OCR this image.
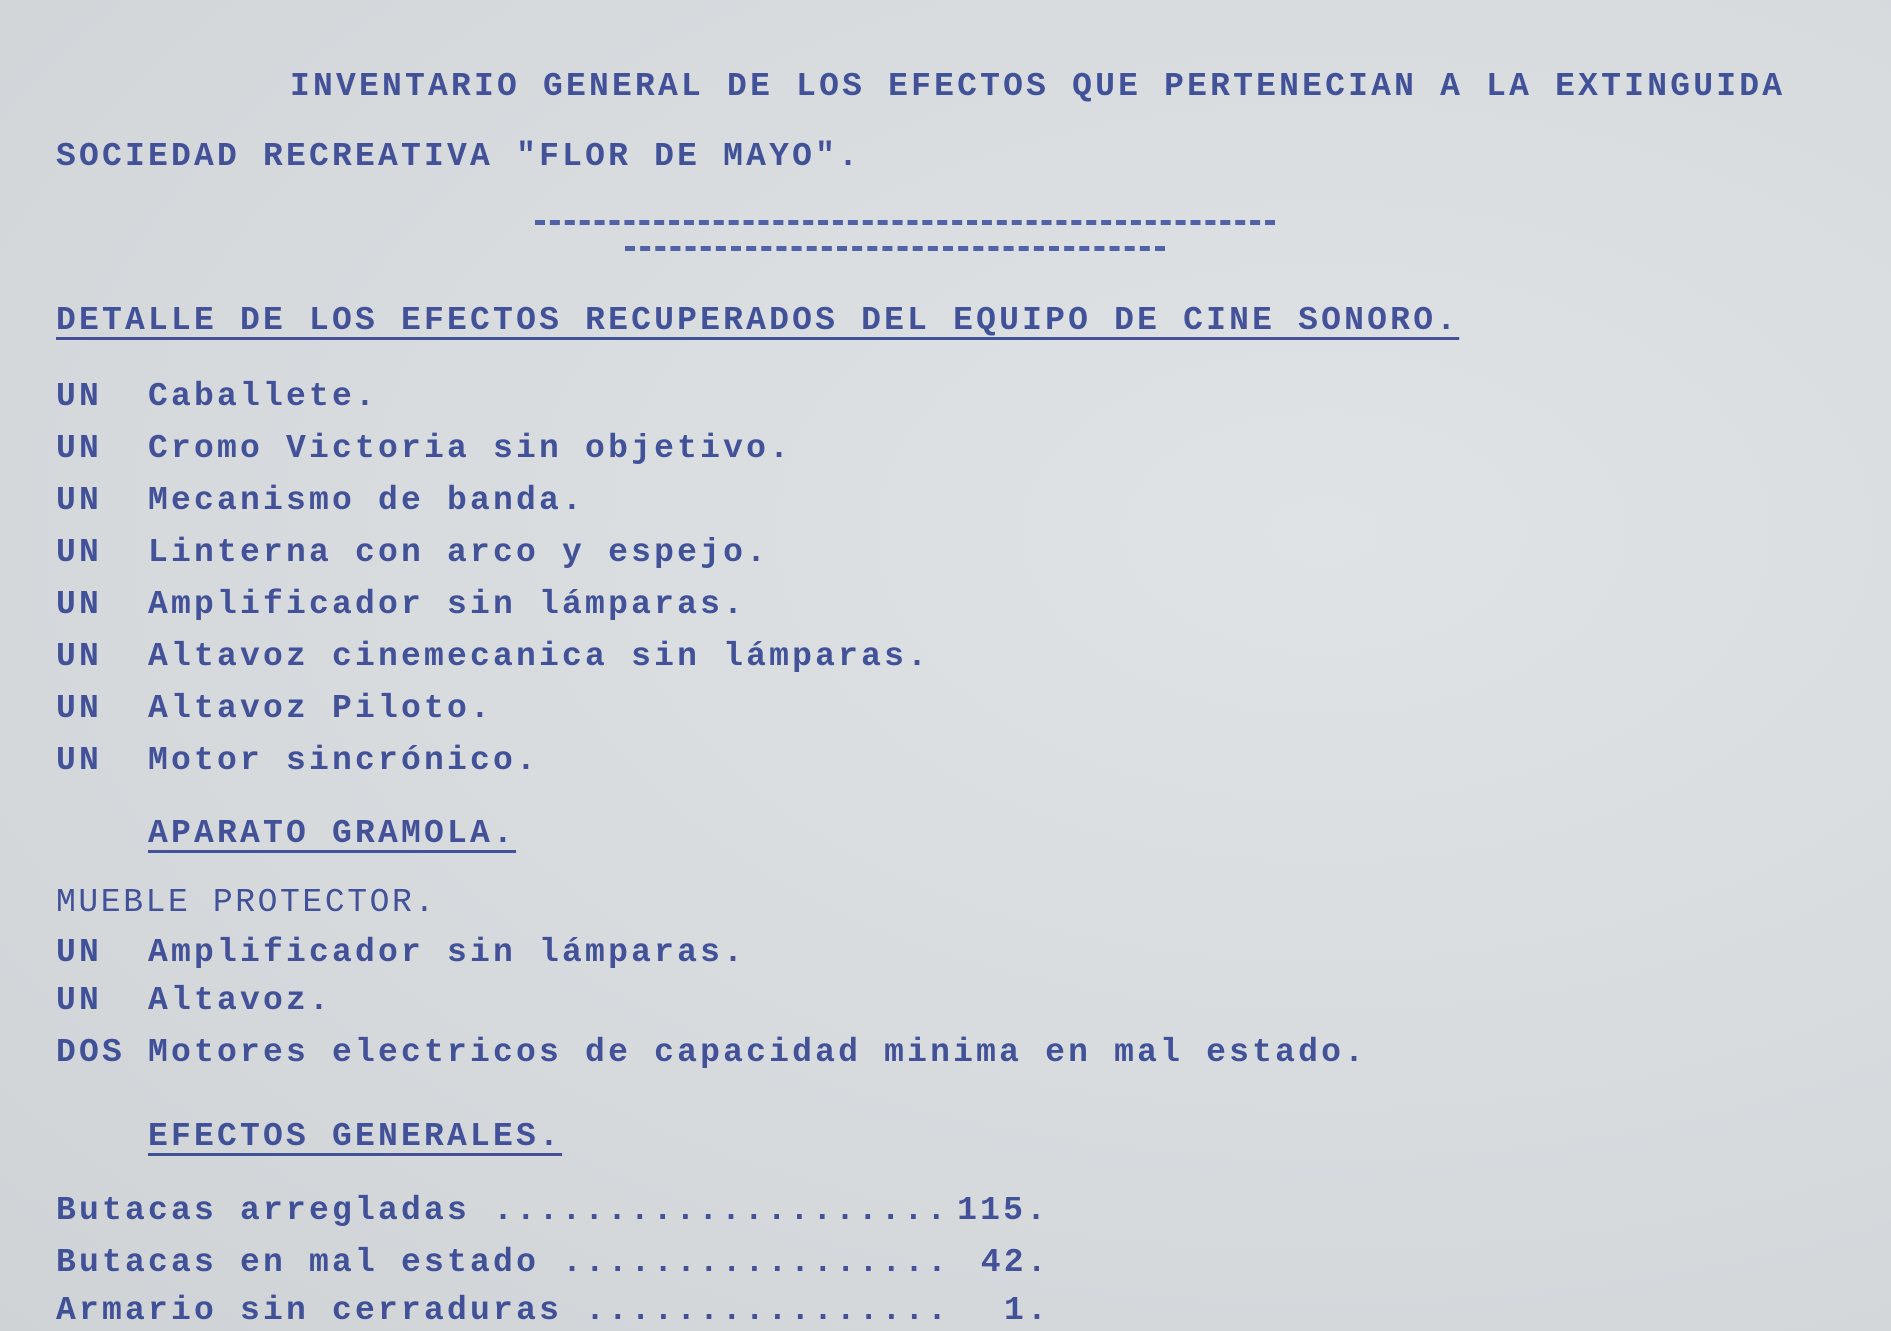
INVENTARIO GENERAL DE LOS EFECTOS QUE PERTENECIAN A LA EXTINGUIDA
SOCIEDAD RECREATIVA "FLOR DE MAYO".
DETALLE DE LOS EFECTOS RECUPERADOS DEL EQUIPO DE CINE SONORO.
UN Caballete.
UN Cromo Victoria sin objetivo.
UN Mecanismo de banda.
UN Linterna con arco y espejo.
UN Amplificador sin lámparas.
UN Altavoz cinemecanica sin lámparas.
UN Altavoz Piloto.
UN Motor sincrónico.
APARATO GRAMOLA.
MUEBLE PROTECTOR.
UN Amplificador sin lámparas.
UN Altavoz.
DOS Motores electricos de capacidad minima en mal estado.
EFECTOS GENERALES.
Butacas arregladas .................... 115.
Butacas en mal estado ................. 42.
Armario sin cerraduras ................ 1.
